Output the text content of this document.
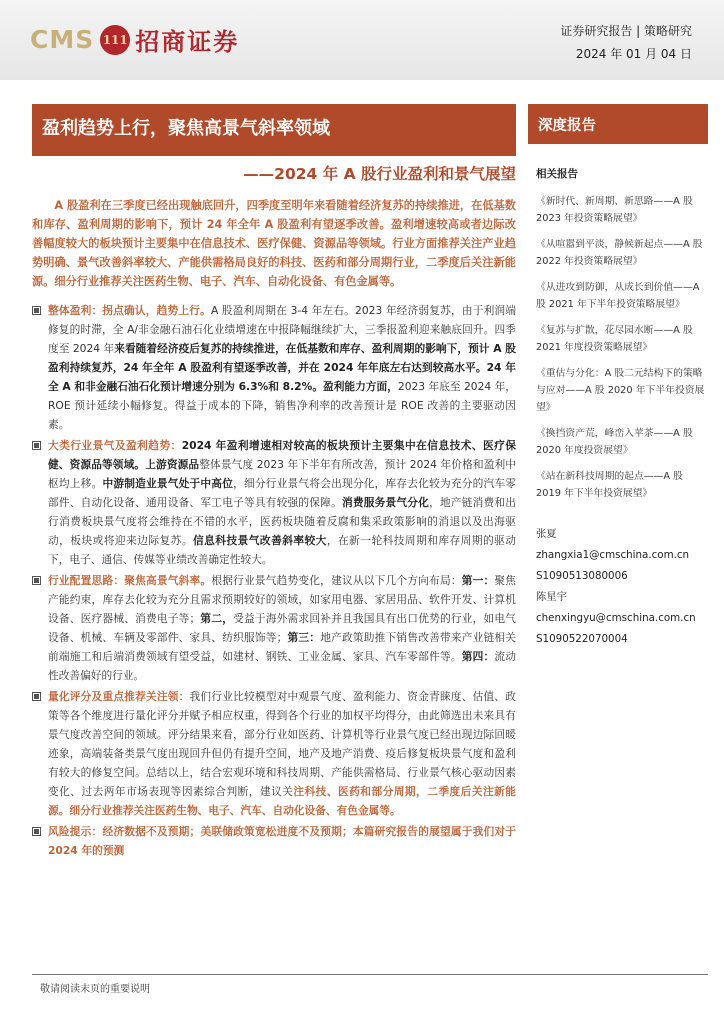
CMS 111 招商证券	证券研究报告 | 策略研究
2024 年 01 月 04 日
盈利趋势上行，聚焦高景气斜率领域
——2024 年 A 股行业盈利和景气展望
A 股盈利在三季度已经出现触底回升，四季度至明年来看随着经济复苏的持续推进，在低基数和库存、盈利周期的影响下，预计 24 年全年 A 股盈利有望逐季改善。盈利增速较高或者边际改善幅度较大的板块预计主要集中在信息技术、医疗保健、资源品等领域。行业方面推荐关注产业趋势明确、景气改善斜率较大、产能供需格局良好的科技、医药和部分周期行业，二季度后关注新能源。细分行业推荐关注医药生物、电子、汽车、自动化设备、有色金属等。
整体盈利：拐点确认，趋势上行。A 股盈利周期在 3-4 年左右。2023 年经济弱复苏，由于利润端修复的时滞，全 A/非金融石油石化业绩增速在中报降幅继续扩大，三季报盈利迎来触底回升。四季度至 2024 年来看随着经济疫后复苏的持续推进，在低基数和库存、盈利周期的影响下，预计 A 股盈利持续复苏，24 年全年 A 股盈利有望逐季改善，并在 2024 年年底左右达到较高水平。24 年全 A 和非金融石油石化预计增速分别为 6.3%和 8.2%。盈利能力方面，2023 年底至 2024 年，ROE 预计延续小幅修复。得益于成本的下降，销售净利率的改善预计是 ROE 改善的主要驱动因素。
大类行业景气及盈利趋势：2024 年盈利增速相对较高的板块预计主要集中在信息技术、医疗保健、资源品等领域。上游资源品整体景气度 2023 年下半年有所改善，预计 2024 年价格和盈利中枢均上移。中游制造业景气处于中高位，细分行业景气将会出现分化，库存去化较为充分的汽车零部件、自动化设备、通用设备、军工电子等具有较强的保障。消费服务景气分化，地产链消费和出行消费板块景气度将会维持在不错的水平，医药板块随着反腐和集采政策影响的消退以及出海驱动，板块或将迎来边际复苏。信息科技景气改善斜率较大，在新一轮科技周期和库存周期的驱动下，电子、通信、传媒等业绩改善确定性较大。
行业配置思路：聚焦高景气斜率。根据行业景气趋势变化，建议从以下几个方向布局：第一：聚焦产能约束，库存去化较为充分且需求预期较好的领域，如家用电器、家居用品、软件开发、计算机设备、医疗器械、消费电子等；第二，受益于海外需求回补并且我国具有出口优势的行业，如电气设备、机械、车辆及零部件、家具、纺织服饰等；第三：地产政策助推下销售改善带来产业链相关前端施工和后端消费领域有望受益，如建材、钢铁、工业金属、家具、汽车零部件等。第四：流动性改善偏好的行业。
量化评分及重点推荐关注领：我们行业比较模型对中观景气度、盈利能力、资金青睐度、估值、政策等各个维度进行量化评分并赋予相应权重，得到各个行业的加权平均得分，由此筛选出未来具有景气度改善空间的领域。评分结果来看，部分行业如医药、计算机等行业景气度已经出现边际回暖迹象，高端装备类景气度出现回升但仍有提升空间，地产及地产消费、疫后修复板块景气度和盈利有较大的修复空间。总结以上，结合宏观环境和科技周期、产能供需格局、行业景气核心驱动因素变化、过去两年市场表现等因素综合判断，建议关注科技、医药和部分周期，二季度后关注新能源。细分行业推荐关注医药生物、电子、汽车、自动化设备、有色金属等。
风险提示：经济数据不及预期；美联储政策宽松进度不及预期；本篇研究报告的展望属于我们对于 2024 年的预测
深度报告
相关报告
《新时代、新周期、新思路——A 股 2023 年投资策略展望》
《从喧嚣到平淡，静候新起点——A 股 2022 年投资策略展望》
《从进攻到防御，从成长到价值——A 股 2021 年下半年投资策略展望》
《复苏与扩散，花尽园水断——A 股 2021 年度投资策略展望》
《重估与分化：A 股二元结构下的策略与应对——A 股 2020 年下半年投资展望》
《換挡资产荒，峰峦入苹茶——A 股 2020 年度投资展望》
《站在新科技周期的起点——A 股 2019 年下半年投资展望》
张夏
zhangxia1@cmschina.com.cn
S1090513080006
陈星宇
chenxingyu@cmschina.com.cn
S1090522070004
敬请阅读末页的重要说明
